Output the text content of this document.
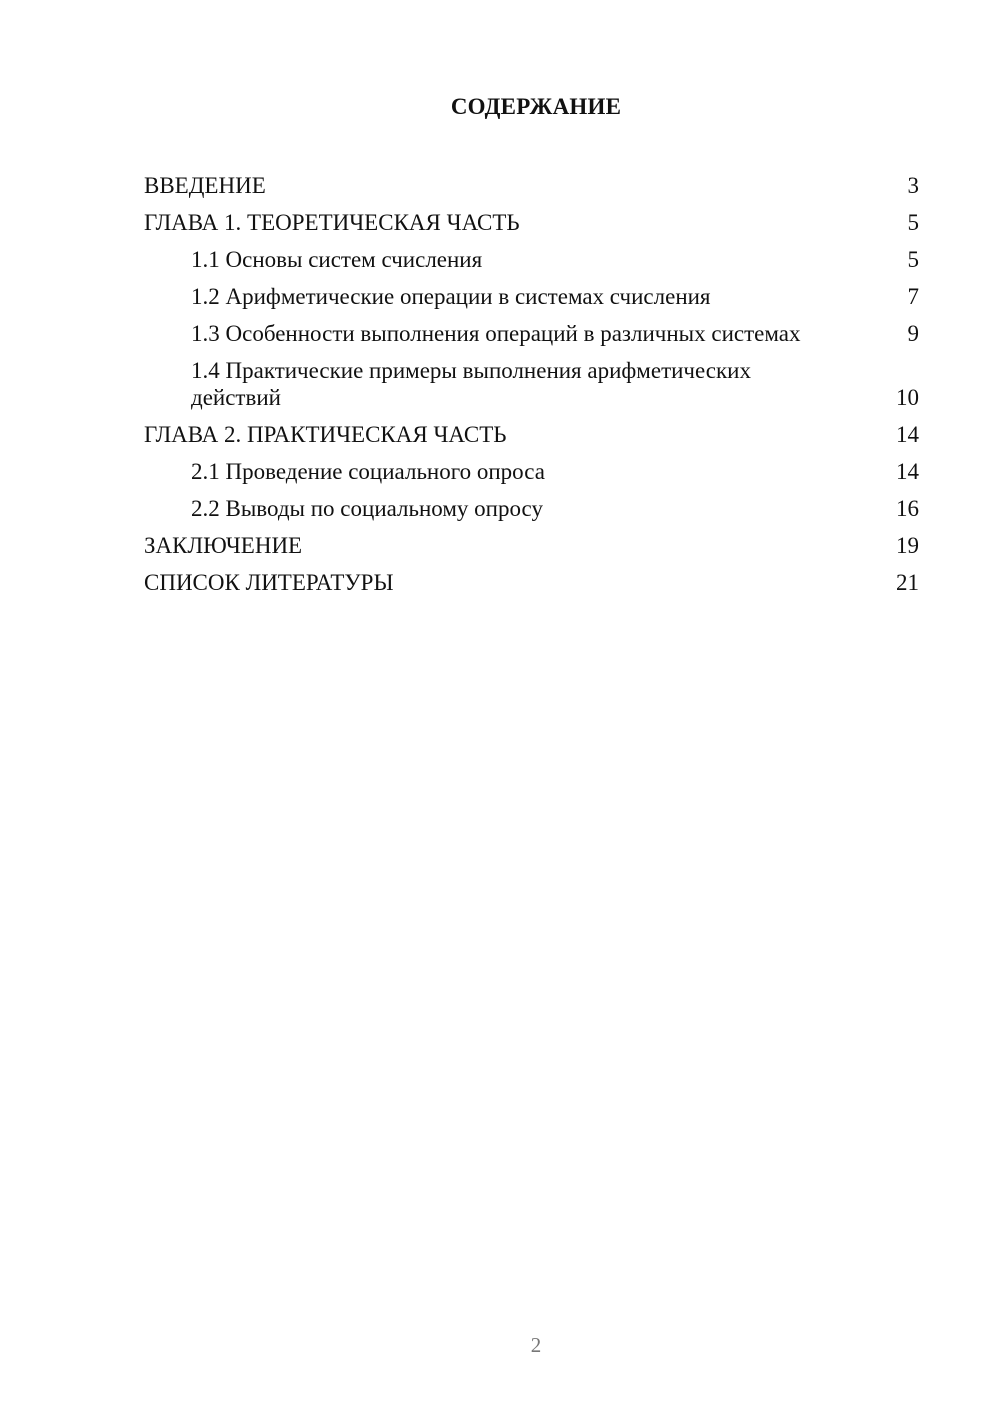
СОДЕРЖАНИЕ
ВВЕДЕНИЕ	3
ГЛАВА 1. ТЕОРЕТИЧЕСКАЯ ЧАСТЬ	5
1.1 Основы систем счисления	5
1.2 Арифметические операции в системах счисления	7
1.3 Особенности выполнения операций в различных системах	9
1.4 Практические примеры выполнения арифметических действий	10
ГЛАВА 2. ПРАКТИЧЕСКАЯ ЧАСТЬ	14
2.1 Проведение социального опроса	14
2.2 Выводы по социальному опросу	16
ЗАКЛЮЧЕНИЕ	19
СПИСОК ЛИТЕРАТУРЫ	21
2
